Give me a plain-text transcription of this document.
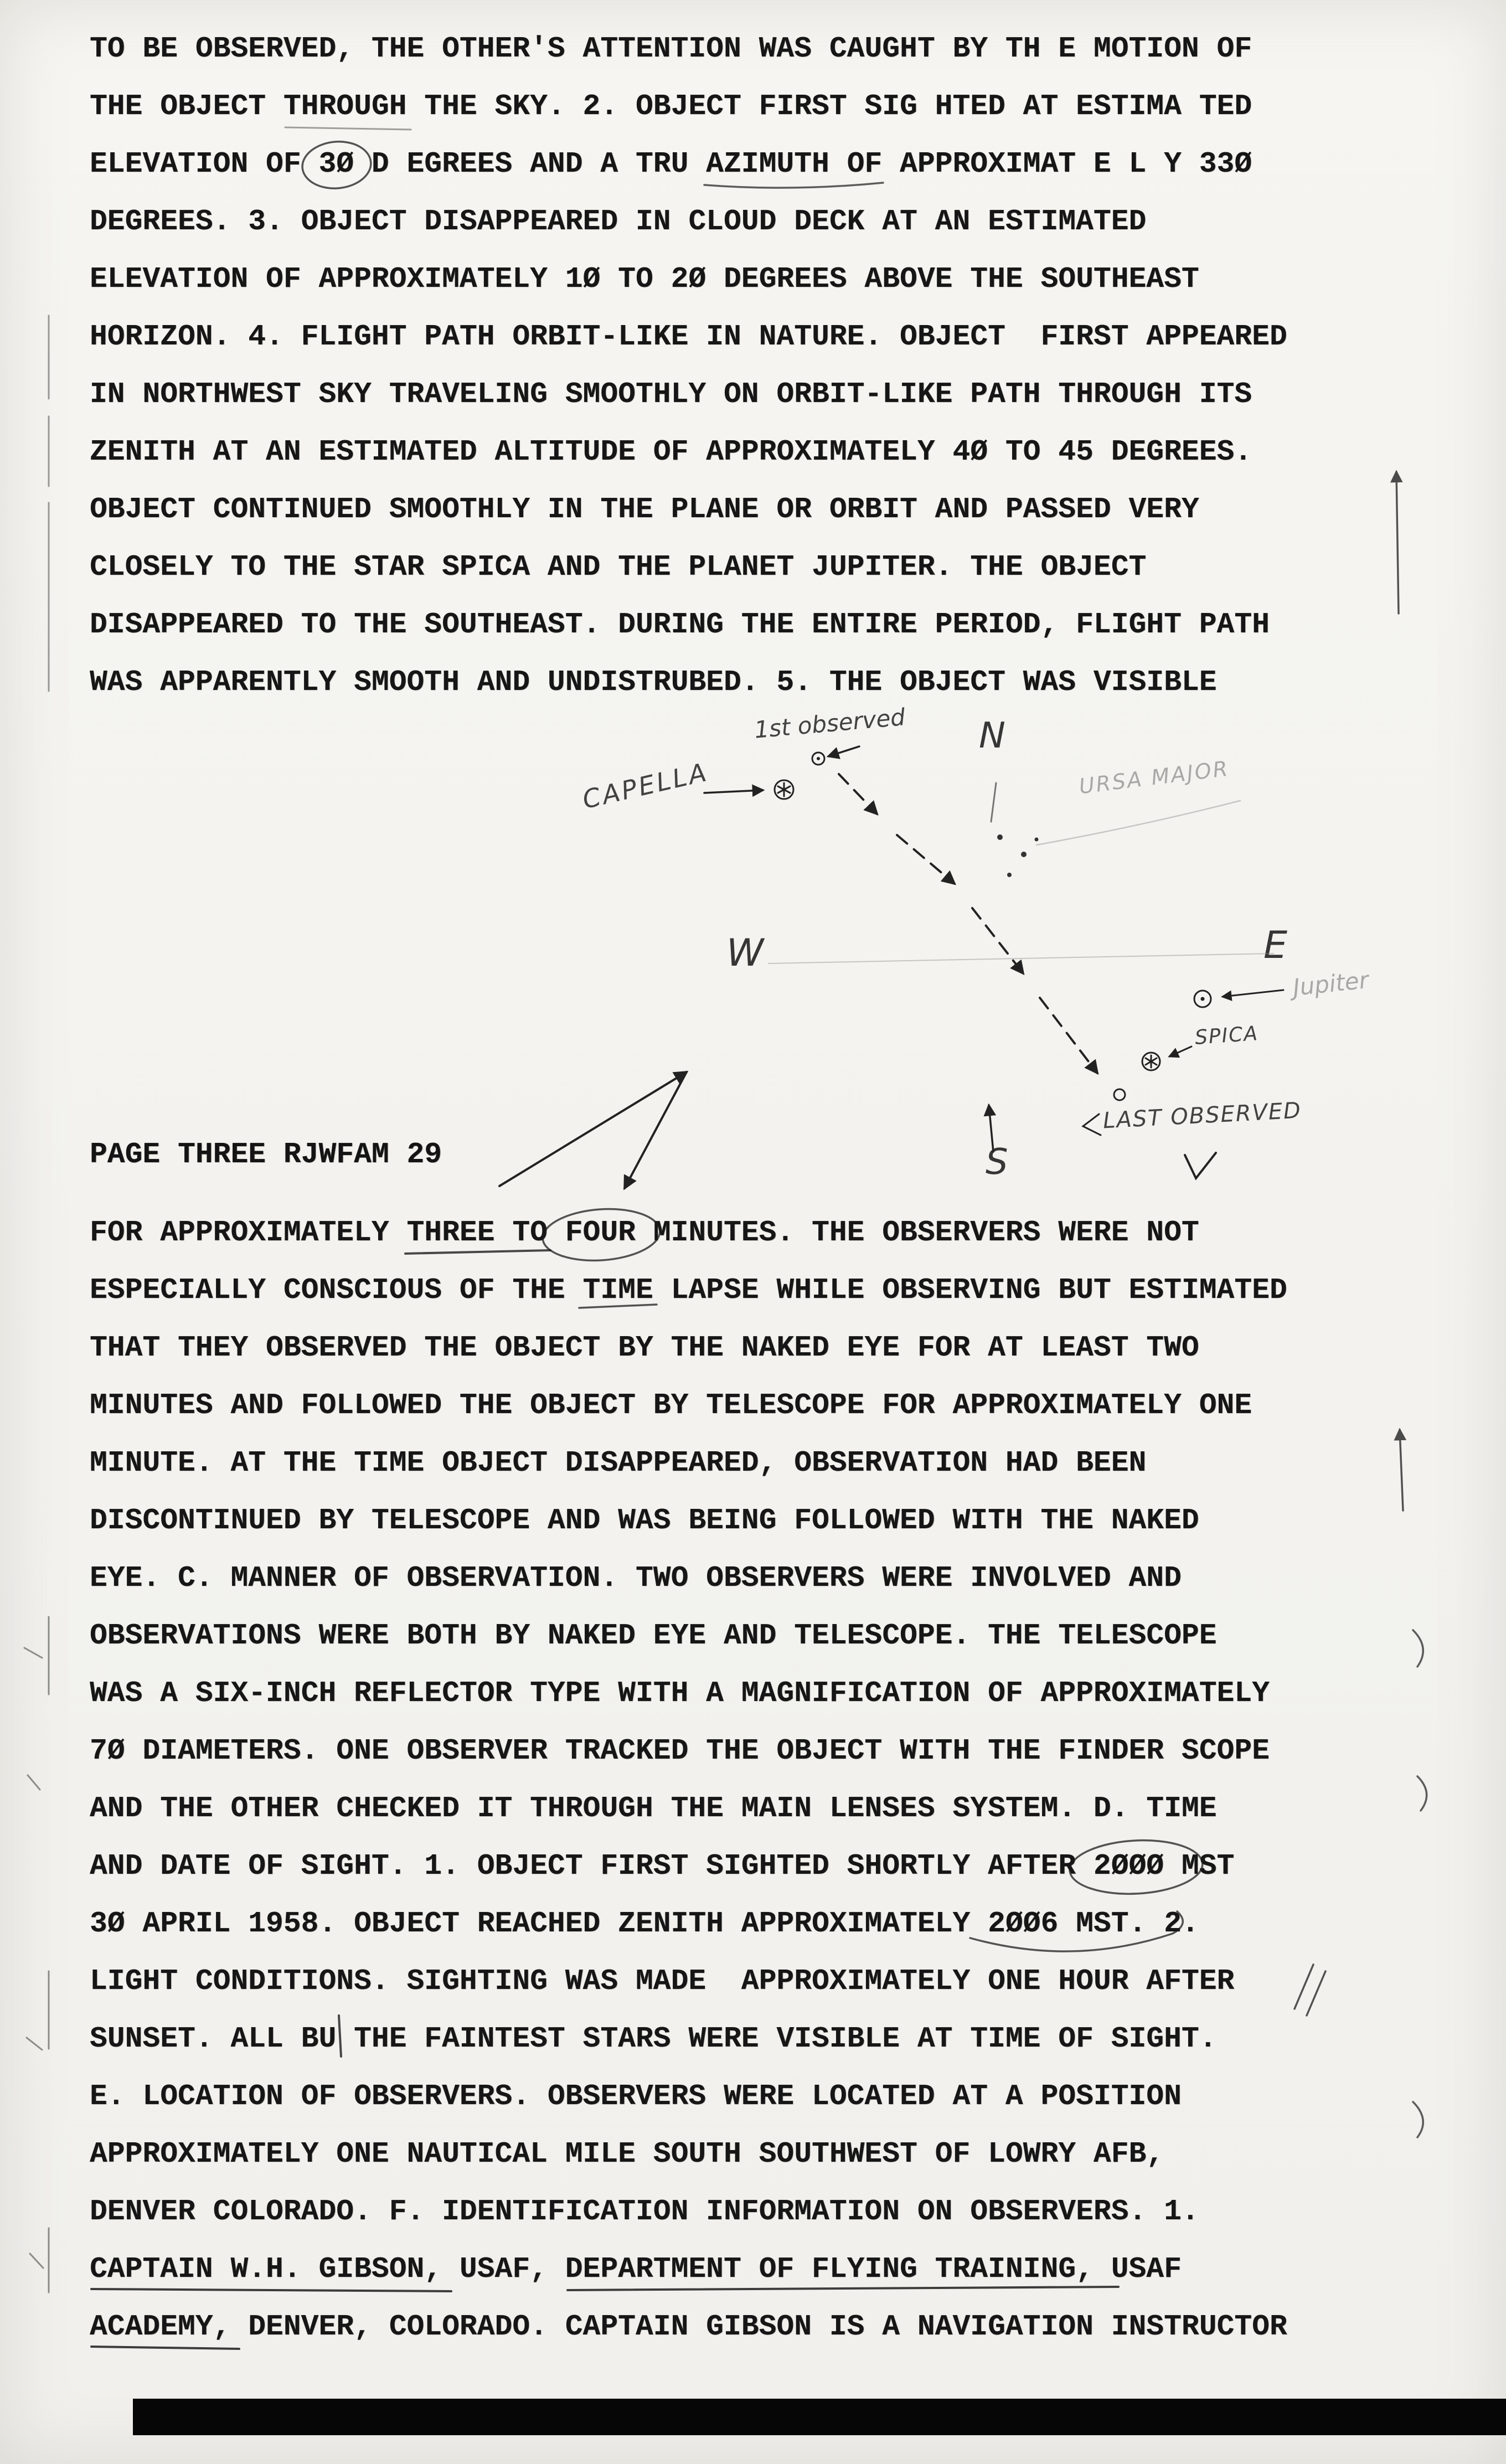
TO BE OBSERVED, THE OTHER'S ATTENTION WAS CAUGHT BY TH E MOTION OF
THE OBJECT THROUGH THE SKY. 2. OBJECT FIRST SIG HTED AT ESTIMA TED
ELEVATION OF 3Ø D EGREES AND A TRU AZIMUTH OF APPROXIMAT E L Y 33Ø
DEGREES. 3. OBJECT DISAPPEARED IN CLOUD DECK AT AN ESTIMATED
ELEVATION OF APPROXIMATELY 1Ø TO 2Ø DEGREES ABOVE THE SOUTHEAST
HORIZON. 4. FLIGHT PATH ORBIT-LIKE IN NATURE. OBJECT  FIRST APPEARED
IN NORTHWEST SKY TRAVELING SMOOTHLY ON ORBIT-LIKE PATH THROUGH ITS
ZENITH AT AN ESTIMATED ALTITUDE OF APPROXIMATELY 4Ø TO 45 DEGREES.
OBJECT CONTINUED SMOOTHLY IN THE PLANE OR ORBIT AND PASSED VERY
CLOSELY TO THE STAR SPICA AND THE PLANET JUPITER. THE OBJECT
DISAPPEARED TO THE SOUTHEAST. DURING THE ENTIRE PERIOD, FLIGHT PATH
WAS APPARENTLY SMOOTH AND UNDISTRUBED. 5. THE OBJECT WAS VISIBLE
N
1st observed
CAPELLA	URSA MAJOR
W	E
Jupiter
SPICA
LAST OBSERVED
S
PAGE THREE RJWFAM 29
FOR APPROXIMATELY THREE TO FOUR MINUTES. THE OBSERVERS WERE NOT
ESPECIALLY CONSCIOUS OF THE TIME LAPSE WHILE OBSERVING BUT ESTIMATED
THAT THEY OBSERVED THE OBJECT BY THE NAKED EYE FOR AT LEAST TWO
MINUTES AND FOLLOWED THE OBJECT BY TELESCOPE FOR APPROXIMATELY ONE
MINUTE. AT THE TIME OBJECT DISAPPEARED, OBSERVATION HAD BEEN
DISCONTINUED BY TELESCOPE AND WAS BEING FOLLOWED WITH THE NAKED
EYE. C. MANNER OF OBSERVATION. TWO OBSERVERS WERE INVOLVED AND
OBSERVATIONS WERE BOTH BY NAKED EYE AND TELESCOPE. THE TELESCOPE
WAS A SIX-INCH REFLECTOR TYPE WITH A MAGNIFICATION OF APPROXIMATELY
7Ø DIAMETERS. ONE OBSERVER TRACKED THE OBJECT WITH THE FINDER SCOPE
AND THE OTHER CHECKED IT THROUGH THE MAIN LENSES SYSTEM. D. TIME
AND DATE OF SIGHT. 1. OBJECT FIRST SIGHTED SHORTLY AFTER 2ØØØ MST
3Ø APRIL 1958. OBJECT REACHED ZENITH APPROXIMATELY 2ØØ6 MST. 2.
LIGHT CONDITIONS. SIGHTING WAS MADE  APPROXIMATELY ONE HOUR AFTER
SUNSET. ALL BU THE FAINTEST STARS WERE VISIBLE AT TIME OF SIGHT.
E. LOCATION OF OBSERVERS. OBSERVERS WERE LOCATED AT A POSITION
APPROXIMATELY ONE NAUTICAL MILE SOUTH SOUTHWEST OF LOWRY AFB,
DENVER COLORADO. F. IDENTIFICATION INFORMATION ON OBSERVERS. 1.
CAPTAIN W.H. GIBSON, USAF, DEPARTMENT OF FLYING TRAINING, USAF
ACADEMY, DENVER, COLORADO. CAPTAIN GIBSON IS A NAVIGATION INSTRUCTOR
